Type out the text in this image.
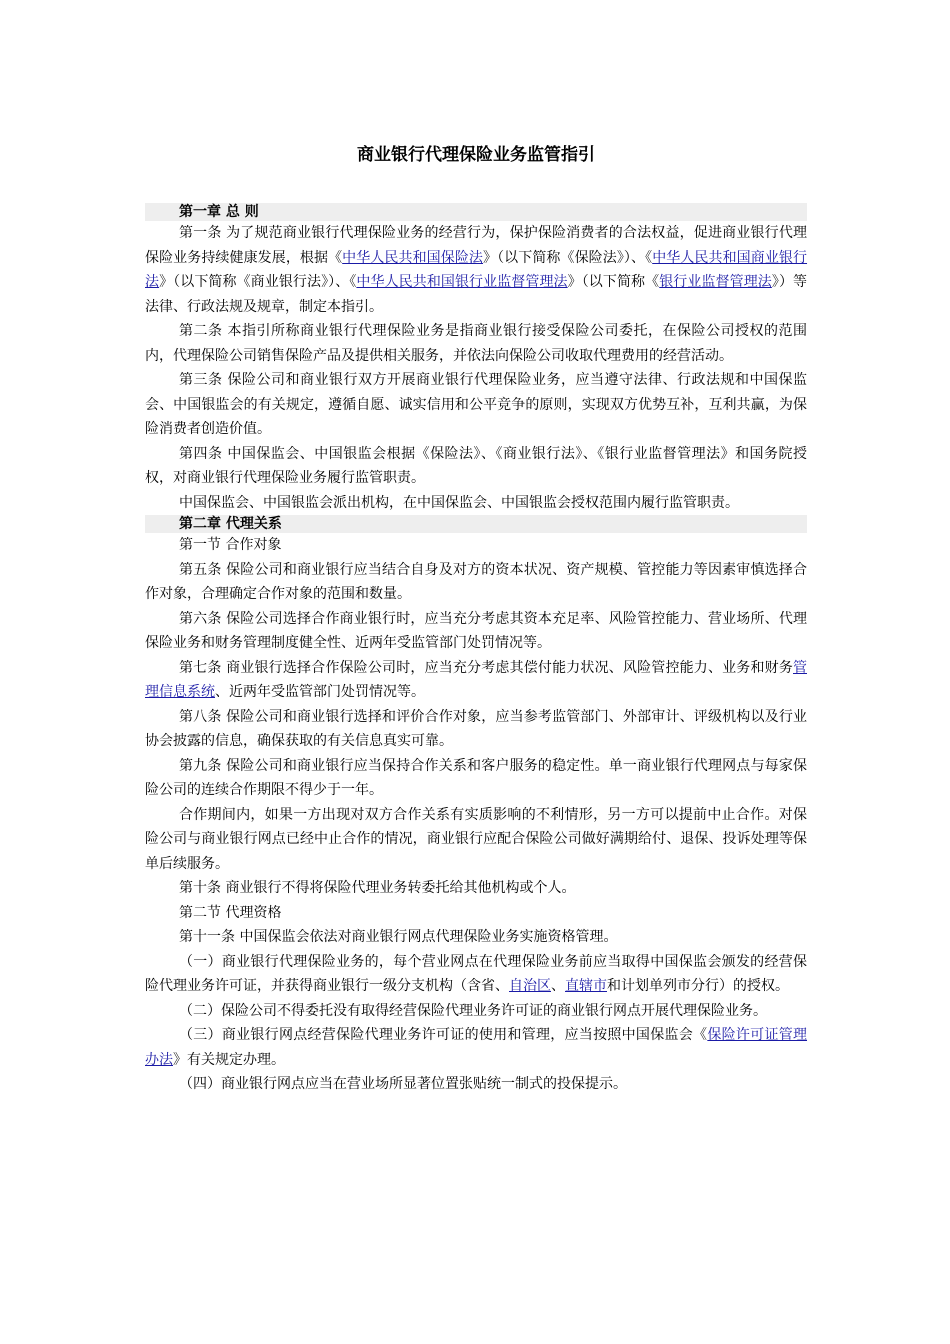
商业银行代理保险业务监管指引
第一章 总 则

第一条 为了规范商业银行代理保险业务的经营行为，保护保险消费者的合法权益，促进商业银行代理保险业务持续健康发展，根据《中华人民共和国保险法》（以下简称《保险法》）、《中华人民共和国商业银行法》（以下简称《商业银行法》）、《中华人民共和国银行业监督管理法》（以下简称《银行业监督管理法》）等法律、行政法规及规章，制定本指引。

第二条 本指引所称商业银行代理保险业务是指商业银行接受保险公司委托，在保险公司授权的范围内，代理保险公司销售保险产品及提供相关服务，并依法向保险公司收取代理费用的经营活动。

第三条 保险公司和商业银行双方开展商业银行代理保险业务，应当遵守法律、行政法规和中国保监会、中国银监会的有关规定，遵循自愿、诚实信用和公平竞争的原则，实现双方优势互补，互利共赢，为保险消费者创造价值。

第四条 中国保监会、中国银监会根据《保险法》、《商业银行法》、《银行业监督管理法》和国务院授权，对商业银行代理保险业务履行监管职责。

中国保监会、中国银监会派出机构，在中国保监会、中国银监会授权范围内履行监管职责。

第二章 代理关系

第一节 合作对象

第五条 保险公司和商业银行应当结合自身及对方的资本状况、资产规模、管控能力等因素审慎选择合作对象，合理确定合作对象的范围和数量。

第六条 保险公司选择合作商业银行时，应当充分考虑其资本充足率、风险管控能力、营业场所、代理保险业务和财务管理制度健全性、近两年受监管部门处罚情况等。

第七条 商业银行选择合作保险公司时，应当充分考虑其偿付能力状况、风险管控能力、业务和财务管理信息系统、近两年受监管部门处罚情况等。

第八条 保险公司和商业银行选择和评价合作对象，应当参考监管部门、外部审计、评级机构以及行业协会披露的信息，确保获取的有关信息真实可靠。

第九条 保险公司和商业银行应当保持合作关系和客户服务的稳定性。单一商业银行代理网点与每家保险公司的连续合作期限不得少于一年。

合作期间内，如果一方出现对双方合作关系有实质影响的不利情形，另一方可以提前中止合作。对保险公司与商业银行网点已经中止合作的情况，商业银行应配合保险公司做好满期给付、退保、投诉处理等保单后续服务。

第十条 商业银行不得将保险代理业务转委托给其他机构或个人。

第二节 代理资格

第十一条 中国保监会依法对商业银行网点代理保险业务实施资格管理。

（一）商业银行代理保险业务的，每个营业网点在代理保险业务前应当取得中国保监会颁发的经营保险代理业务许可证，并获得商业银行一级分支机构（含省、自治区、直辖市和计划单列市分行）的授权。

（二）保险公司不得委托没有取得经营保险代理业务许可证的商业银行网点开展代理保险业务。

（三）商业银行网点经营保险代理业务许可证的使用和管理，应当按照中国保监会《保险许可证管理办法》有关规定办理。

（四）商业银行网点应当在营业场所显著位置张贴统一制式的投保提示。
